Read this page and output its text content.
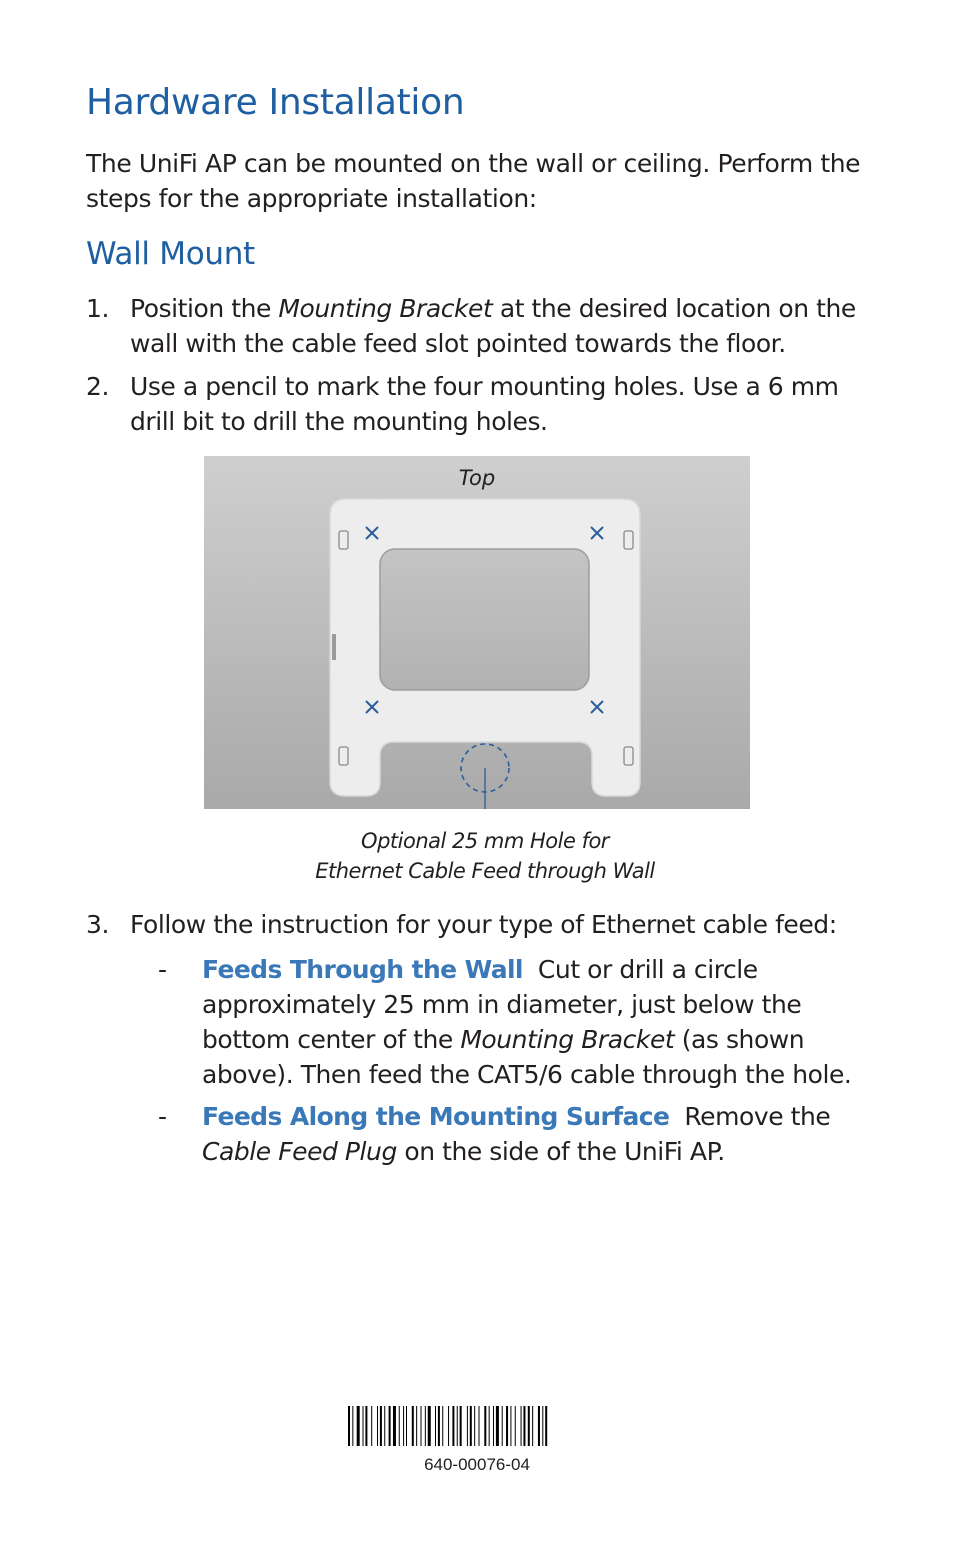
Hardware Installation

The UniFi AP can be mounted on the wall or ceiling. Perform the steps for the appropriate installation:

Wall Mount
1. Position the Mounting Bracket at the desired location on the wall with the cable feed slot pointed towards the floor.
2. Use a pencil to mark the four mounting holes. Use a 6 mm drill bit to drill the mounting holes.
Top
Optional 25 mm Hole for
Ethernet Cable Feed through Wall
3. Follow the instruction for your type of Ethernet cable feed:
- Feeds Through the Wall  Cut or drill a circle approximately 25 mm in diameter, just below the bottom center of the Mounting Bracket (as shown above). Then feed the CAT5/6 cable through the hole.
- Feeds Along the Mounting Surface  Remove the Cable Feed Plug on the side of the UniFi AP.
640-00076-04
